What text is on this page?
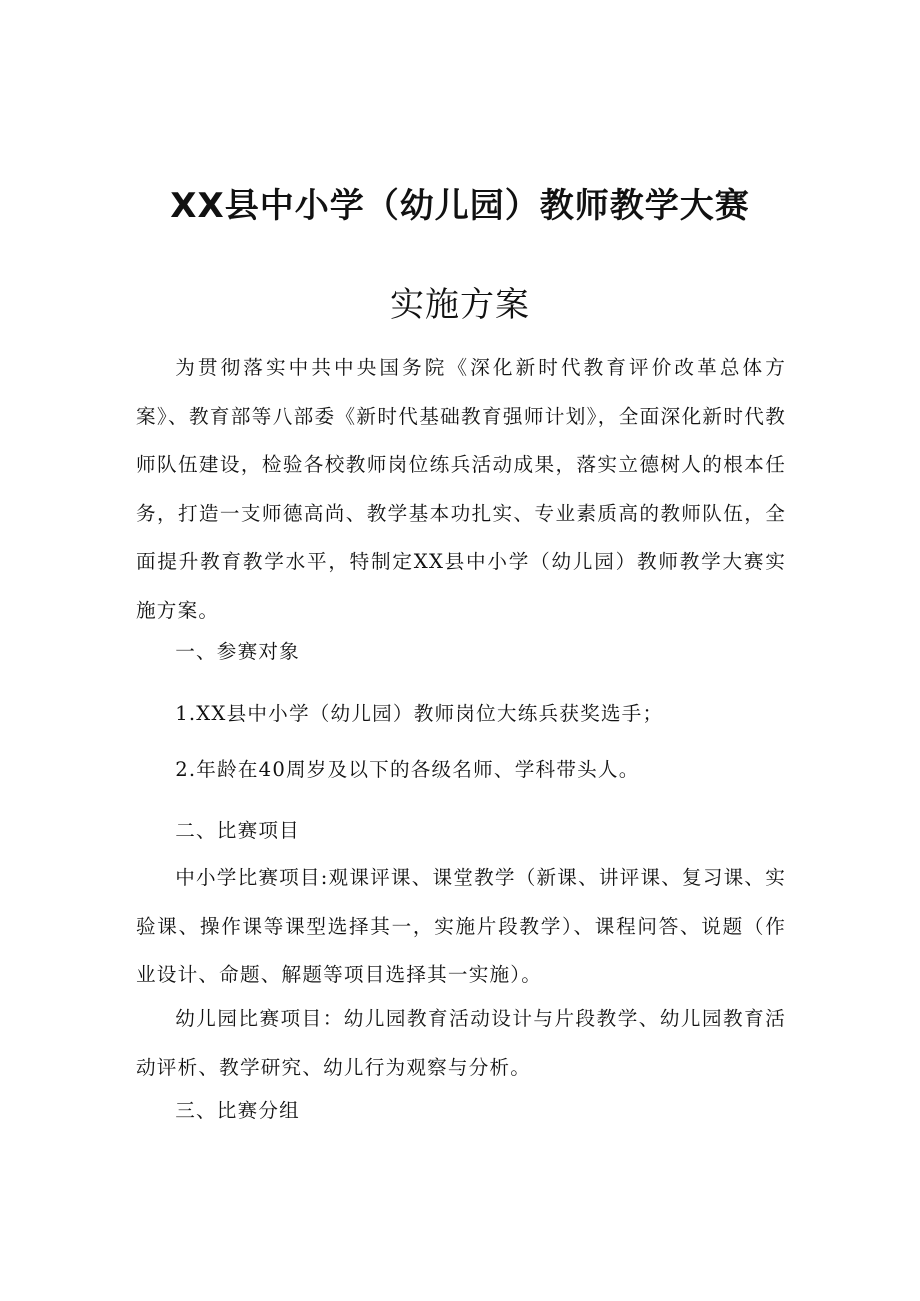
XX县中小学（幼儿园）教师教学大赛
实施方案

为贯彻落实中共中央国务院《深化新时代教育评价改革总体方案》、教育部等八部委《新时代基础教育强师计划》，全面深化新时代教师队伍建设，检验各校教师岗位练兵活动成果，落实立德树人的根本任务，打造一支师德高尚、教学基本功扎实、专业素质高的教师队伍，全面提升教育教学水平，特制定XX县中小学（幼儿园）教师教学大赛实施方案。

一、参赛对象

1.XX县中小学（幼儿园）教师岗位大练兵获奖选手；

2.年龄在40周岁及以下的各级名师、学科带头人。

二、比赛项目

中小学比赛项目:观课评课、课堂教学（新课、讲评课、复习课、实验课、操作课等课型选择其一，实施片段教学）、课程问答、说题（作业设计、命题、解题等项目选择其一实施）。

幼儿园比赛项目：幼儿园教育活动设计与片段教学、幼儿园教育活动评析、教学研究、幼儿行为观察与分析。

三、比赛分组
